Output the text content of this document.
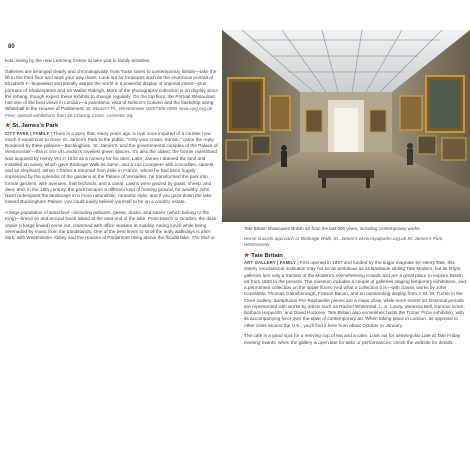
80

kids, swing by the new Learning Centre to take part in family activities.

Galleries are arranged clearly and chronologically, from Tudor times to contemporary Britain—take the lift to the third floor and work your way down. Look out for treasures such as the enormous portrait of Elizabeth I—bejeweled and literally astride the world in a powerful display of imperial intent—plus portraits of Shakespeare and Sir Walter Raleigh. More of the photography collection is on display since the rehang, though expect these exhibits to change regularly. On the top floor, the Portrait Restaurant has one of the best views in London—a panoramic vista of Nelson's Column and the backdrop along Whitehall to the Houses of Parliament. St. Martin's Pl., Westminster 020/7306-0055 www.npg.org.uk Free; special exhibitions from £6 Charing Cross, Leicester Sq.

★ St. James's Park

CITY PARK | FAMILY | There is a story that, many years ago, a rival once inquired of a courtier how much it would cost to close St. James's Park to the public. "Only your crown, ma'am," came the reply. Bordered by three palaces—Buckingham, St. James's, and the governmental complex of the Palace of Westminster—this is one of London's loveliest green spaces. It's also the oldest; the former marshland was acquired by Henry VIII in 1532 as a nursery for his deer. Later, James I drained the land and installed an aviary, which gave Birdcage Walk its name, and a zoo (complete with crocodiles, camels, and an elephant). When Charles II returned from exile in France, where he had been hugely impressed by the splendor of the gardens at the Palace of Versailles, he transformed the park into formal gardens, with avenues, fruit orchards, and a canal. Lawns were grazed by goats, sheep, and deer, and, in the 18th century, the park became a different kind of hunting ground, for wealthy John Nash redesigned the landscape in a more naturalistic, romantic style, and if you gaze down the lake toward Buckingham Palace, you could easily believe yourself to be on a country estate.

A large population of waterfowl—including pelicans, geese, ducks, and swans (which belong to the King)—breed on and around Duck Island at the east end of the lake. From March to October, the deck chairs (charge levied) come out, crammed with office workers at midday, eating lunch while being serenaded by music from the bandstands. One of the best times to stroll the leafy walkways is after dark, with Westminster Abbey and the Houses of Parliament rising above the floodlit lake. The Mall or

Tate Britain showcases British art from the last 500 years, including contemporary works.

Horse Guards approach or Birdcage Walk, St. James's www.royalparks.org.uk St. James's Park, Westminster.

★ Tate Britain

ART GALLERY | FAMILY | First opened in 1897 and funded by the sugar magnate Sir Henry Tate, this stately neoclassical institution may not be as ambitious as its Bankside sibling Tate Modern, but its bright galleries lure only a fraction of the Modern's overwhelming crowds and are a great place to explore British art from 1500 to the present. The museum includes a couple of galleries staging temporary exhibitions, and a permanent collection on the upper floors. And what a collection it is—with classic works by John Constable, Thomas Gainsborough, Francis Bacon, and an outstanding display from J. M. W. Turner in the Clore Gallery. Sumptuous Pre-Raphaelite pieces are a major draw, while more recent art historical periods are represented with works by artists such as Rachel Whiteread, L. S. Lowry, Vanessa Bell, Duncan Grant, Barbara Hepworth, and David Hockney. Tate Britain also sometimes hosts the Turner Prize exhibition, with its accompanying furor over the state of contemporary art. When taking place in London, as opposed to other cities around the U.K., you'll find it here from about October to January.

The café is a good spot for a reviving cup of tea and a cake. Look out for semiregular Late at Tate Friday evening events, when the gallery is open late for talks or performances; check the website for details.
